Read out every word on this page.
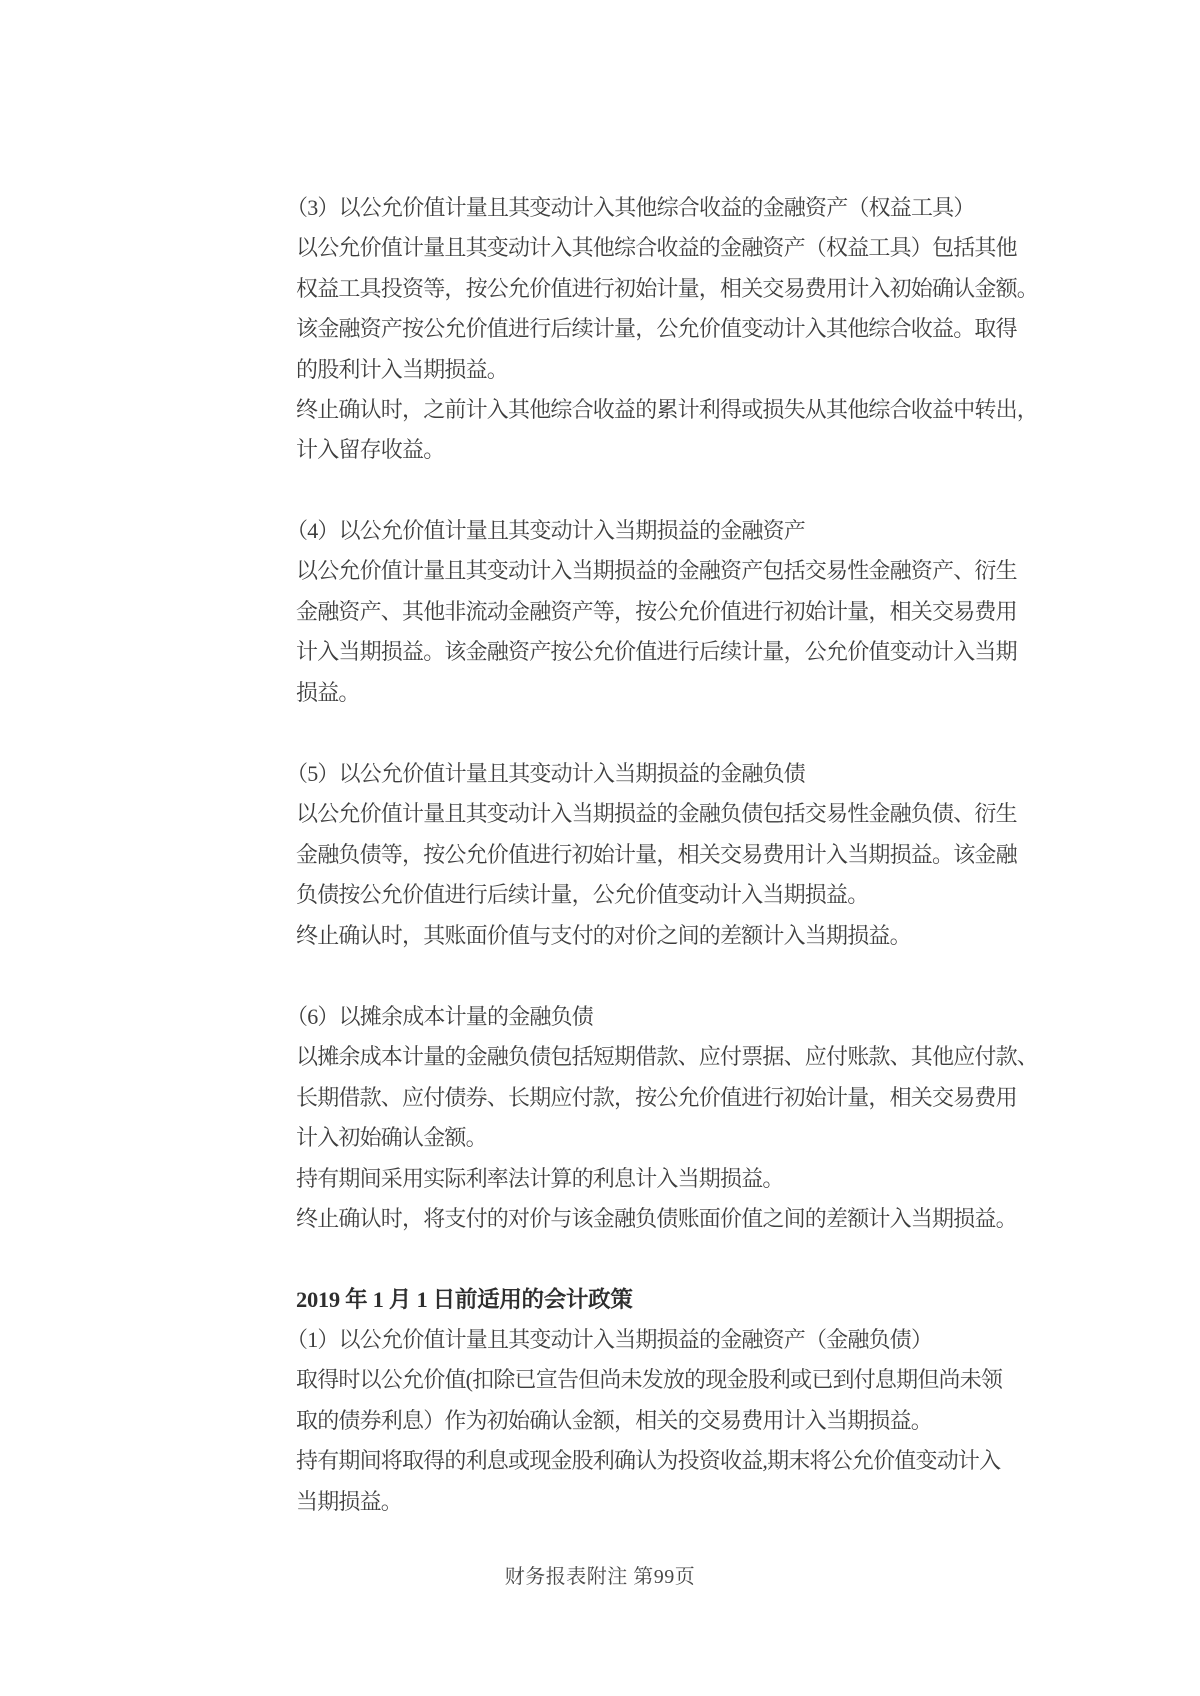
（3）以公允价值计量且其变动计入其他综合收益的金融资产（权益工具）
以公允价值计量且其变动计入其他综合收益的金融资产（权益工具）包括其他
权益工具投资等，按公允价值进行初始计量，相关交易费用计入初始确认金额。
该金融资产按公允价值进行后续计量，公允价值变动计入其他综合收益。取得
的股利计入当期损益。
终止确认时，之前计入其他综合收益的累计利得或损失从其他综合收益中转出，
计入留存收益。
（4）以公允价值计量且其变动计入当期损益的金融资产
以公允价值计量且其变动计入当期损益的金融资产包括交易性金融资产、衍生
金融资产、其他非流动金融资产等，按公允价值进行初始计量，相关交易费用
计入当期损益。该金融资产按公允价值进行后续计量，公允价值变动计入当期
损益。
（5）以公允价值计量且其变动计入当期损益的金融负债
以公允价值计量且其变动计入当期损益的金融负债包括交易性金融负债、衍生
金融负债等，按公允价值进行初始计量，相关交易费用计入当期损益。该金融
负债按公允价值进行后续计量，公允价值变动计入当期损益。
终止确认时，其账面价值与支付的对价之间的差额计入当期损益。
（6）以摊余成本计量的金融负债
以摊余成本计量的金融负债包括短期借款、应付票据、应付账款、其他应付款、
长期借款、应付债券、长期应付款，按公允价值进行初始计量，相关交易费用
计入初始确认金额。
持有期间采用实际利率法计算的利息计入当期损益。
终止确认时，将支付的对价与该金融负债账面价值之间的差额计入当期损益。
2019 年 1 月 1 日前适用的会计政策
（1）以公允价值计量且其变动计入当期损益的金融资产（金融负债）
取得时以公允价值(扣除已宣告但尚未发放的现金股利或已到付息期但尚未领
取的债券利息）作为初始确认金额，相关的交易费用计入当期损益。
持有期间将取得的利息或现金股利确认为投资收益,期末将公允价值变动计入
当期损益。
财务报表附注 第99页
